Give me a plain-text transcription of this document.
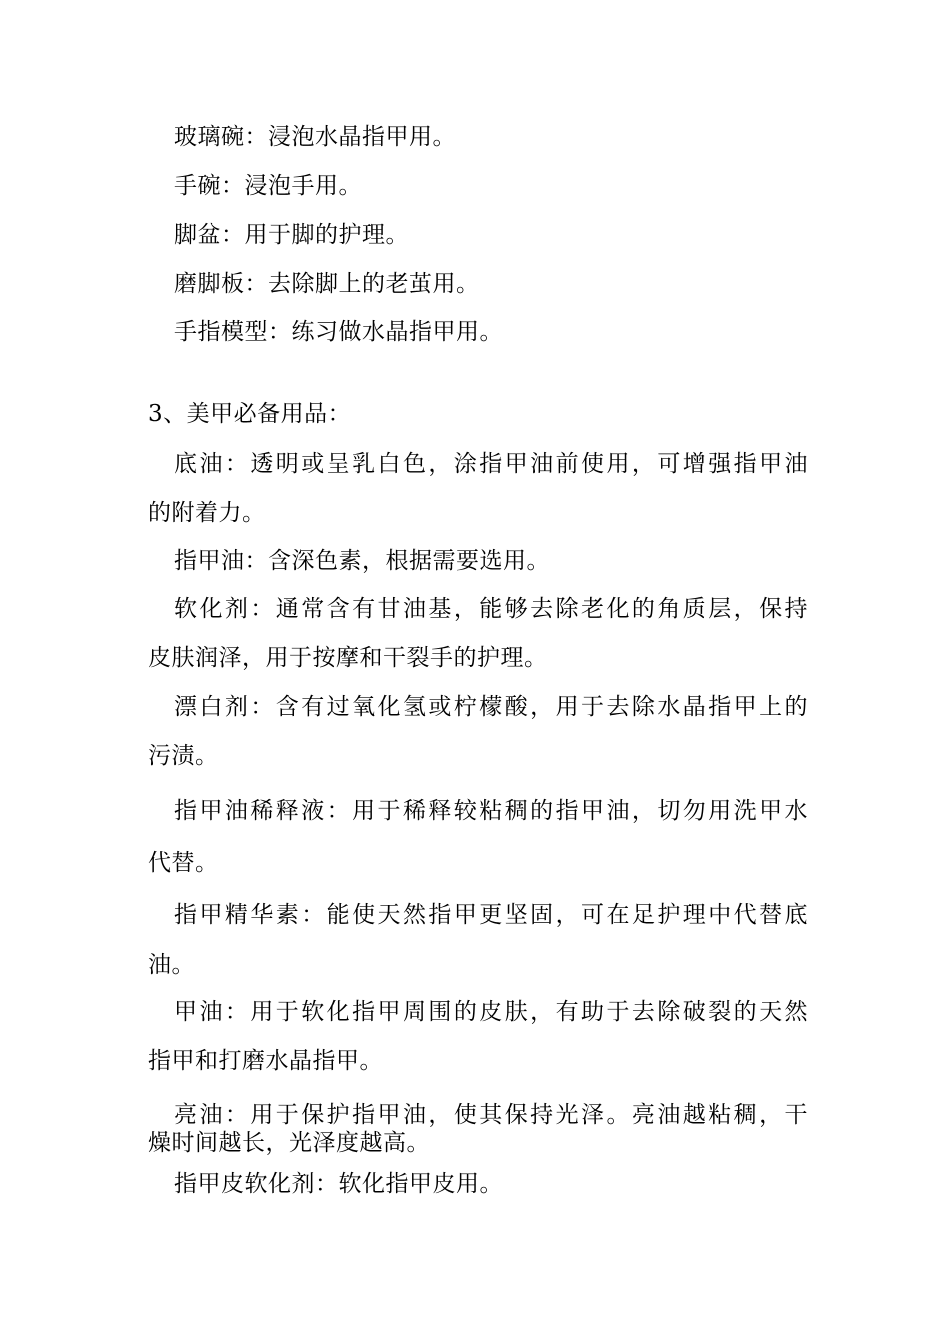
玻璃碗：浸泡水晶指甲用。
手碗：浸泡手用。
脚盆：用于脚的护理。
磨脚板：去除脚上的老茧用。
手指模型：练习做水晶指甲用。
3、美甲必备用品：
底油：透明或呈乳白色，涂指甲油前使用，可增强指甲油
的附着力。
指甲油：含深色素，根据需要选用。
软化剂：通常含有甘油基，能够去除老化的角质层，保持
皮肤润泽，用于按摩和干裂手的护理。
漂白剂：含有过氧化氢或柠檬酸，用于去除水晶指甲上的
污渍。
指甲油稀释液：用于稀释较粘稠的指甲油，切勿用洗甲水
代替。
指甲精华素：能使天然指甲更坚固，可在足护理中代替底
油。
甲油：用于软化指甲周围的皮肤，有助于去除破裂的天然
指甲和打磨水晶指甲。
亮油：用于保护指甲油，使其保持光泽。亮油越粘稠，干
燥时间越长，光泽度越高。
指甲皮软化剂：软化指甲皮用。
